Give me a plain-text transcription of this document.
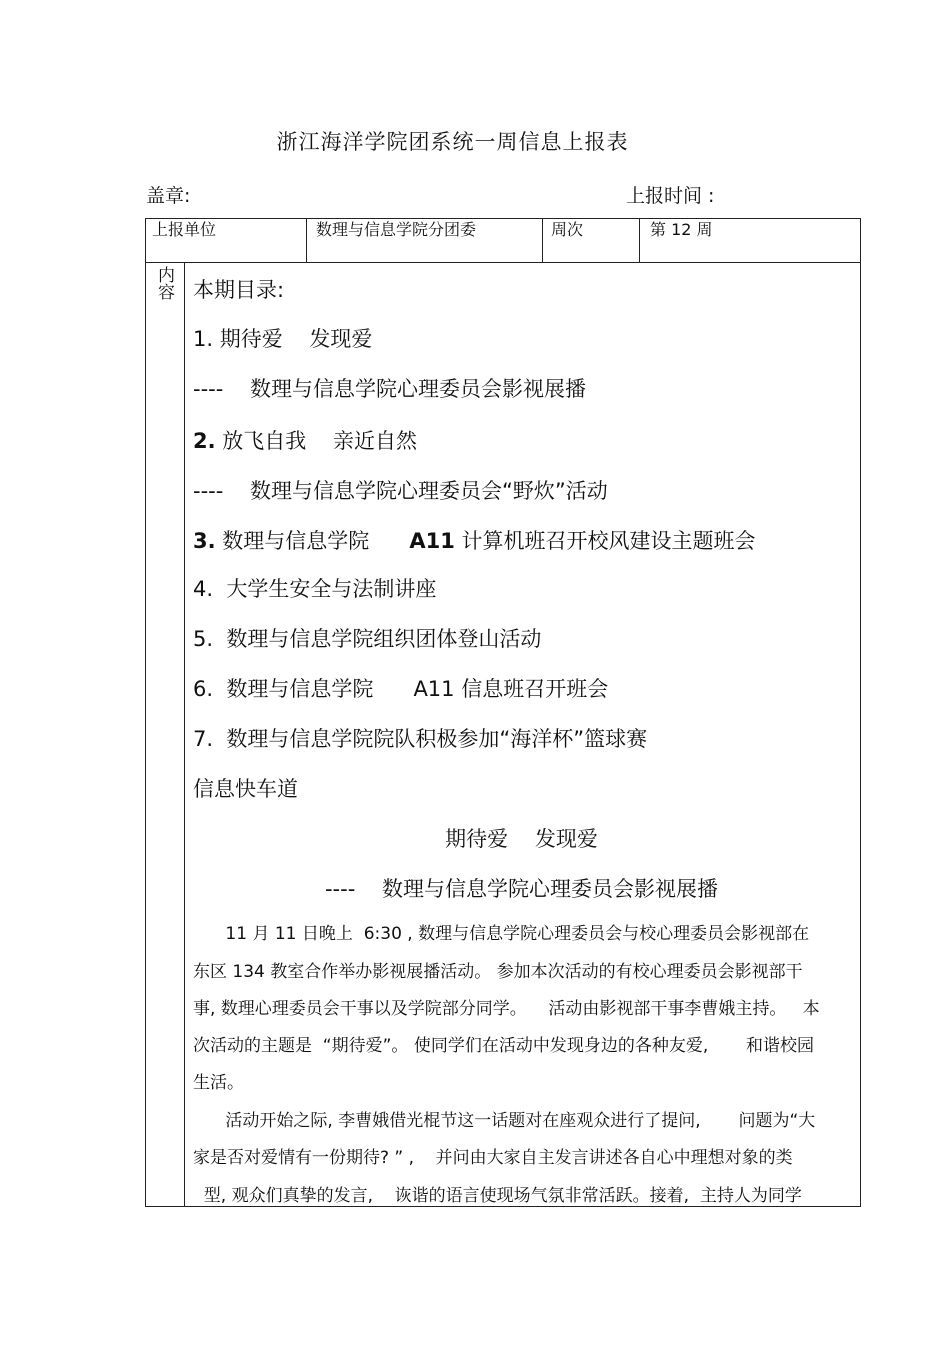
浙江海洋学院团系统一周信息上报表
盖章:	上报时间 :
上报单位	数理与信息学院分团委	周次	第 12 周
内容 本期目录:
1. 期待爱    发现爱
----    数理与信息学院心理委员会影视展播
2. 放飞自我    亲近自然
----    数理与信息学院心理委员会“野炊”活动
3. 数理与信息学院 A11 计算机班召开校风建设主题班会
4.  大学生安全与法制讲座
5.  数理与信息学院组织团体登山活动
6.  数理与信息学院      A11 信息班召开班会
7.  数理与信息学院院队积极参加“海洋杯”篮球赛
信息快车道
期待爱    发现爱
----    数理与信息学院心理委员会影视展播
11 月 11 日晚上  6:30 , 数理与信息学院心理委员会与校心理委员会影视部在
东区 134 教室合作举办影视展播活动。 参加本次活动的有校心理委员会影视部干
事, 数理心理委员会干事以及学院部分同学。    活动由影视部干事李曹娥主持。   本
次活动的主题是  “期待爱”。 使同学们在活动中发现身边的各种友爱,       和谐校园
生活。
活动开始之际, 李曹娥借光棍节这一话题对在座观众进行了提问,       问题为“大
家是否对爱情有一份期待? ” ,    并问由大家自主发言讲述各自心中理想对象的类
型, 观众们真挚的发言,    诙谐的语言使现场气氛非常活跃。接着,  主持人为同学
